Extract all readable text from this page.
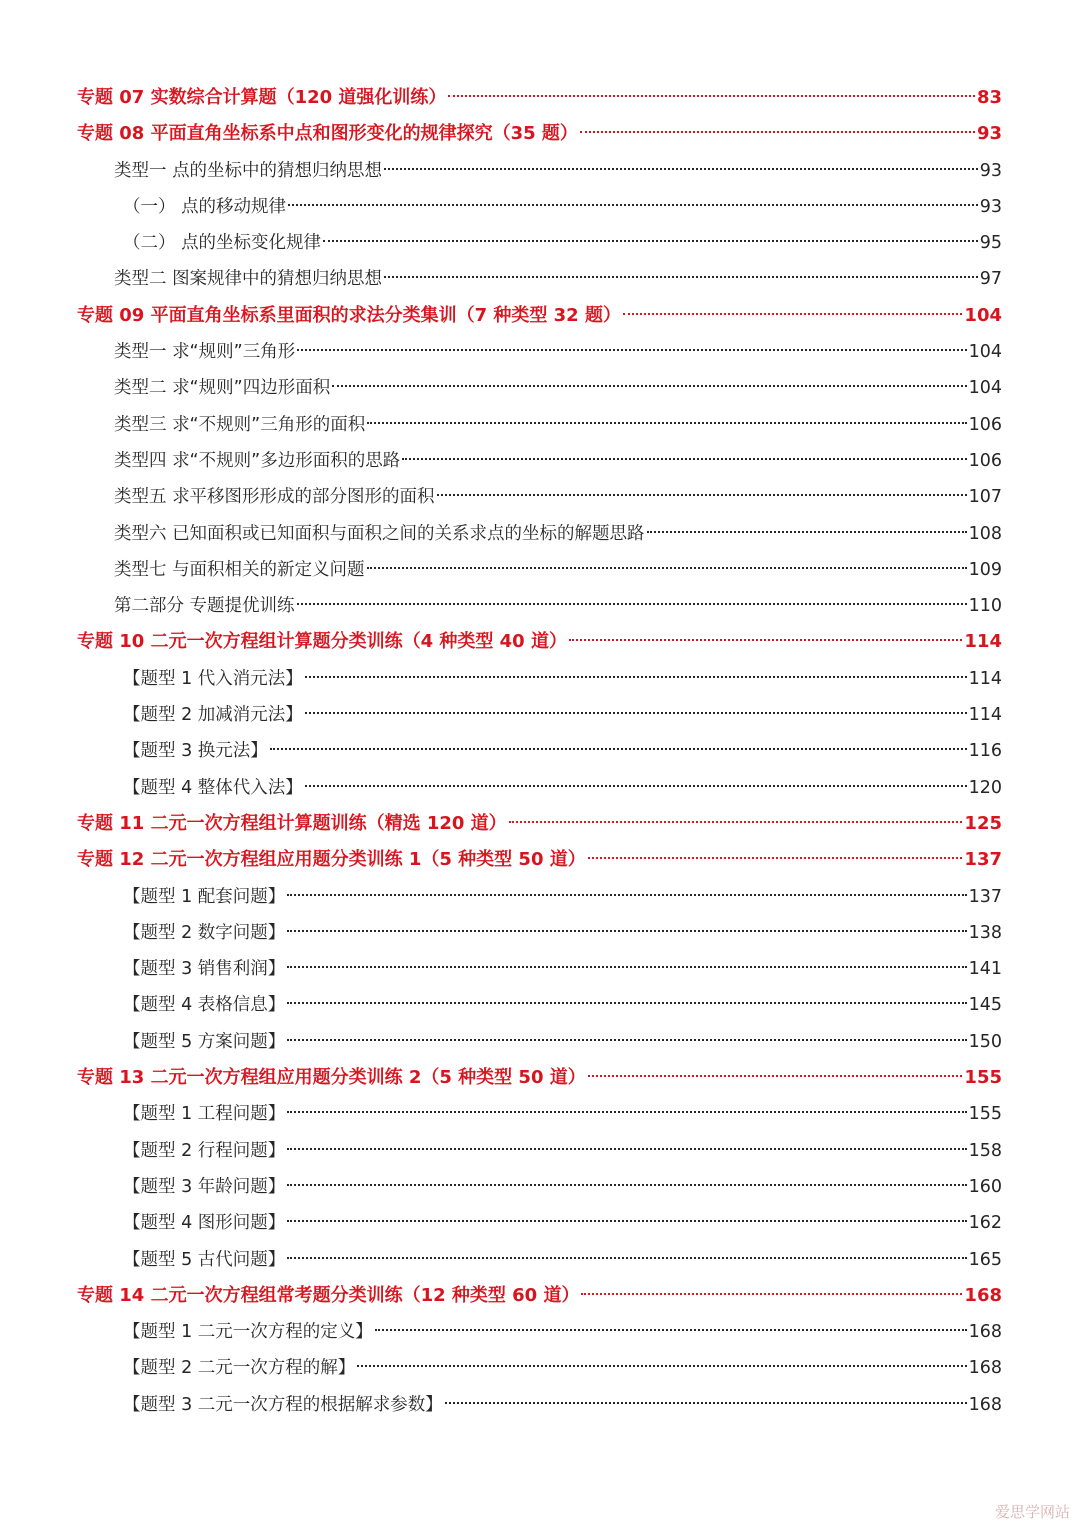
专题 07 实数综合计算题（120 道强化训练）	83
专题 08 平面直角坐标系中点和图形变化的规律探究（35 题）	93
类型一 点的坐标中的猜想归纳思想	93
（一） 点的移动规律	93
（二） 点的坐标变化规律	95
类型二 图案规律中的猜想归纳思想	97
专题 09 平面直角坐标系里面积的求法分类集训（7 种类型 32 题）	104
类型一 求“规则”三角形	104
类型二 求“规则”四边形面积	104
类型三 求“不规则”三角形的面积	106
类型四 求“不规则”多边形面积的思路	106
类型五 求平移图形形成的部分图形的面积	107
类型六 已知面积或已知面积与面积之间的关系求点的坐标的解题思路	108
类型七 与面积相关的新定义问题	109
第二部分 专题提优训练	110
专题 10 二元一次方程组计算题分类训练（4 种类型 40 道）	114
【题型 1 代入消元法】	114
【题型 2 加减消元法】	114
【题型 3 换元法】	116
【题型 4 整体代入法】	120
专题 11 二元一次方程组计算题训练（精选 120 道）	125
专题 12 二元一次方程组应用题分类训练 1（5 种类型 50 道）	137
【题型 1 配套问题】	137
【题型 2 数字问题】	138
【题型 3 销售利润】	141
【题型 4 表格信息】	145
【题型 5 方案问题】	150
专题 13 二元一次方程组应用题分类训练 2（5 种类型 50 道）	155
【题型 1 工程问题】	155
【题型 2 行程问题】	158
【题型 3 年龄问题】	160
【题型 4 图形问题】	162
【题型 5 古代问题】	165
专题 14 二元一次方程组常考题分类训练（12 种类型 60 道）	168
【题型 1 二元一次方程的定义】	168
【题型 2 二元一次方程的解】	168
【题型 3 二元一次方程的根据解求参数】	168
爱思学网站
